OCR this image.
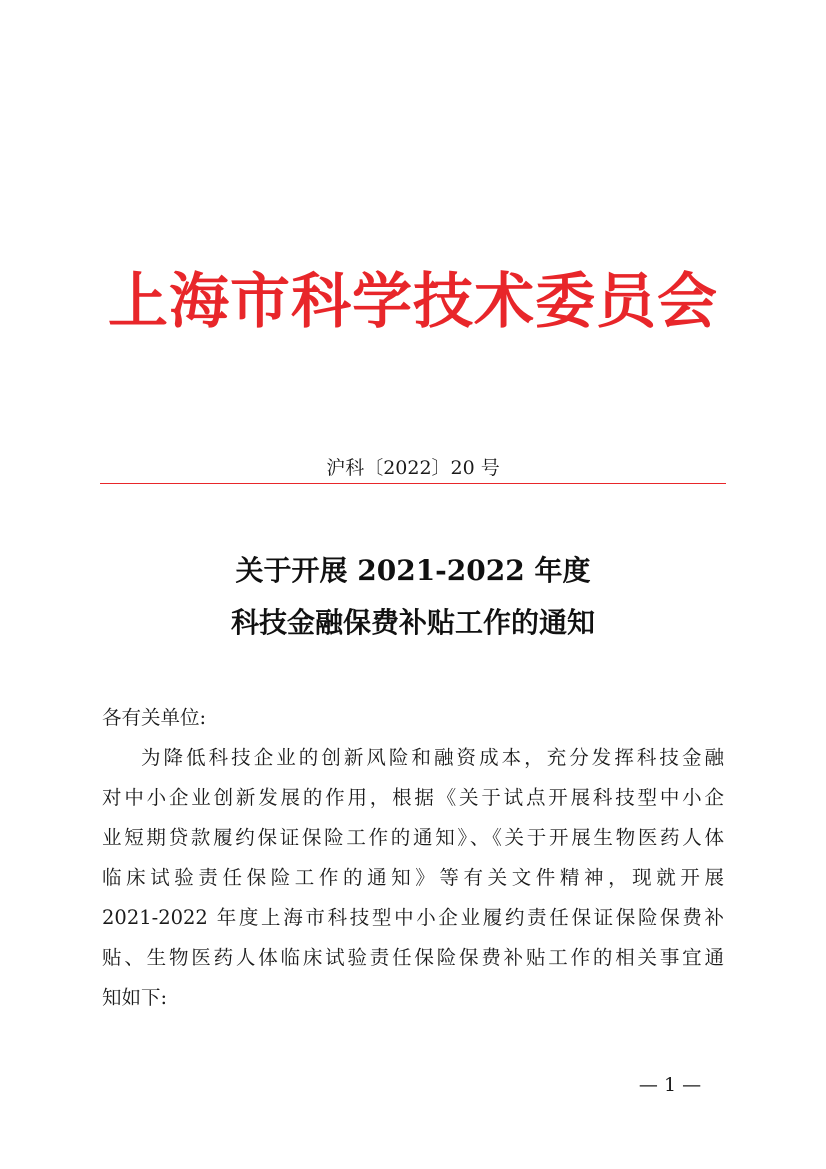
上海市科学技术委员会
沪科〔2022〕20 号
关于开展 2021-2022 年度
科技金融保费补贴工作的通知
各有关单位:
为降低科技企业的创新风险和融资成本，充分发挥科技金融
对中小企业创新发展的作用，根据《关于试点开展科技型中小企
业短期贷款履约保证保险工作的通知》、《关于开展生物医药人体
临床试验责任保险工作的通知》等有关文件精神，现就开展
2021-2022 年度上海市科技型中小企业履约责任保证保险保费补
贴、生物医药人体临床试验责任保险保费补贴工作的相关事宜通
知如下:
— 1 —
